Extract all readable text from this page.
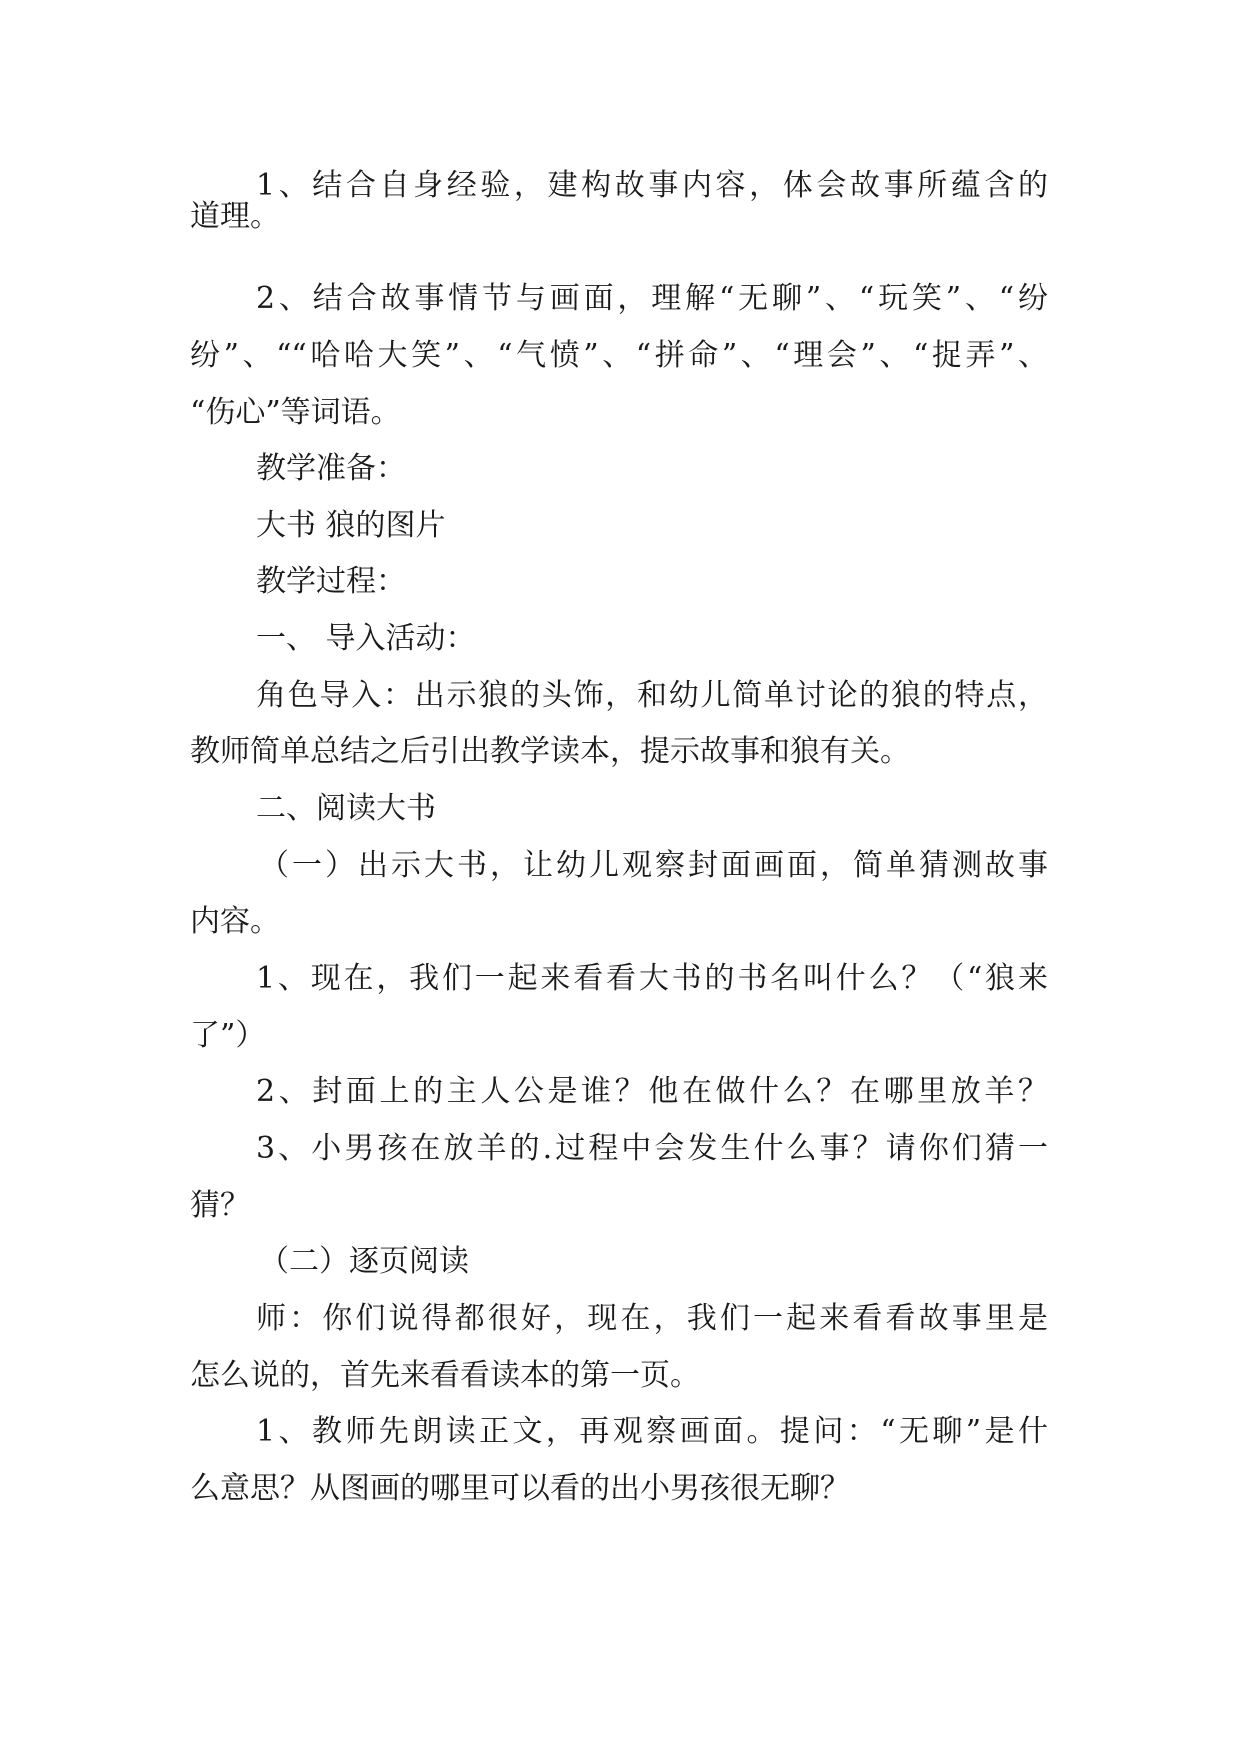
1、结合自身经验，建构故事内容，体会故事所蕴含的

道理。

2、结合故事情节与画面，理解“无聊”、“玩笑”、“纷

纷”、““哈哈大笑”、“气愤”、“拼命”、“理会”、“捉弄”、

“伤心”等词语。

教学准备：

大书 狼的图片

教学过程：

一、 导入活动：

角色导入：出示狼的头饰，和幼儿简单讨论的狼的特点，

教师简单总结之后引出教学读本，提示故事和狼有关。

二、阅读大书

（一）出示大书，让幼儿观察封面画面，简单猜测故事

内容。

1、现在，我们一起来看看大书的书名叫什么？（“狼来

了”）

2、封面上的主人公是谁？他在做什么？在哪里放羊？

3、小男孩在放羊的.过程中会发生什么事？请你们猜一

猜？

（二）逐页阅读

师：你们说得都很好，现在，我们一起来看看故事里是

怎么说的，首先来看看读本的第一页。

1、教师先朗读正文，再观察画面。提问：“无聊”是什

么意思？从图画的哪里可以看的出小男孩很无聊？
